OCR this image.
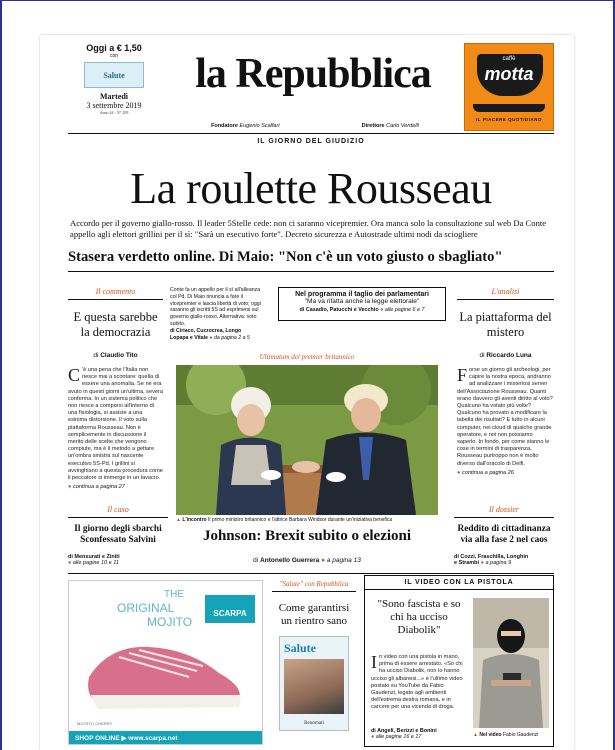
Oggi a € 1,50
con
Salute
Martedì
3 settembre 2019
Anno 44 - N° 209
la Repubblica
Fondatore Eugenio Scalfari	Direttore Carlo Verdelli
caffè
motta
IL PIACERE QUOTIDIANO
IL GIORNO DEL GIUDIZIO
La roulette Rousseau
Accordo per il governo giallo-rosso. Il leader 5Stelle cede: non ci saranno vicepremier. Ora manca solo la consultazione sul web Da Conte appello agli elettori grillini per il sì: "Sarà un esecutivo forte". Decreto sicurezza e Autostrade ultimi nodi da sciogliere
Stasera verdetto online. Di Maio: "Non c'è un voto giusto o sbagliato"
Il commento
E questa sarebbe la democrazia
di Claudio Tito
C 'è una pena che l'Italia non riesce mai a scontare: quella di essere una anomalia. Se ne era avuto in questi giorni un'ultima, severa conferma. In un sistema politico che non riesce a comporsi all'interno di una fisiologia, si assiste a una esinima distorsione. Il voto sulla piattaforma Rousseau. Non è semplicemente in discussione il merito delle scelte che vengono compiute, ma è il metodo a gettare un'ombra sinistra sul nascente esecutivo 5S-Pd. I grillini si avvinghiano a questa procedura come il peccatore si immerge in un lavacro.
● continua a pagina 27
Conte fa un appello per il sì all'alleanza col Pd. Di Maio rinuncia a fare il vicepremier e lascia libertà di voto; oggi saranno gli iscritti 5S ad esprimersi sul governo giallo-rosso. Alternativa: voto subito.
di Ciriaco, Cuzzocrea, Longo
Lopapa e Vitale ● da pagina 2 a 5
Nel programma il taglio dei parlamentari
"Ma va rifatta anche la legge elettorale"
di Casadio, Patucchi e Vecchio ● alle pagine 6 e 7
L'analisi
La piattaforma del mistero
di Riccardo Luna
Forse un giorno gli archeologi, per capire la nostra epoca, andranno ad analizzare i misteriosi server dell'Associazione Rousseau. Quanti erano davvero gli aventi diritto al voto? Qualcuno ha votato più volte? Qualcuno ha provato a modificare la tabella dei risultati? E tutto in alcuni computer, nei cloud di qualche grande operatore, e noi non possiamo saperlo. In fondo, per come stanno le cose in termini di trasparenza, Rousseau purtroppo non è molto diverso dall'oracolo di Delfi.
● continua a pagina 26
Ultimatum del premier britannico
▲ L'incontro Il primo ministro britannico e l'attrice Barbara Windsor durante un'iniziativa benefica
Johnson: Brexit subito o elezioni
di Antonello Guerrera ● a pagina 13
Il caso
Il giorno degli sbarchi Sconfessato Salvini
di Mensurati e Ziniti
● alle pagine 10 e 11
Il dossier
Reddito di cittadinanza via alla fase 2 nel caos
di Cozzi, Fraschilla, Longhin
e Strambi ● a pagina 9
THE
ORIGINAL
MOJITO
SCARPA
MOJITO | CHERRY
SHOP ONLINE ▶ www.scarpa.net
"Salute" con Repubblica
Come garantirsi un rientro sano
Salute
Benornati
IL VIDEO CON LA PISTOLA
"Sono fascista e so chi ha ucciso Diabolik"
In video con una pistola in mano, prima di essere arrestato. «So chi ha ucciso Diabolik, non lo hanno ucciso gli albanesi...» è l'ultimo video postato su YouTube da Fabio Gaudenzi, legato agli ambienti dell'estrema destra romana, e in carcere per una vicenda di droga.
di Angeli, Berizzi e Bonini
● alle pagine 16 e 17	▲ Nel video Fabio Gaudenzi
